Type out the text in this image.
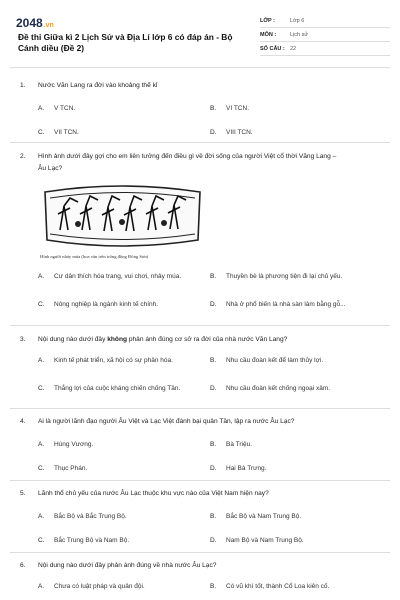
2048.vn
Đề thi Giữa kì 2 Lịch Sử và Địa Lí lớp 6 có đáp án - Bộ Cánh diều (Đề 2)
LỚP :	Lớp 6
MÔN :	Lịch sử
SỐ CÂU : 22
1.	Nước Văn Lang ra đời vào khoảng thế kỉ
A.	V TCN.	B.	VI TCN.
C.	VII TCN.	D.	VIII TCN.
2.	Hình ảnh dưới đây gợi cho em liên tưởng đến điều gì về đời sống của người Việt cổ thời Văng Lang – Âu Lạc?
Hình người nhảy múa (hoa văn trên trống đồng Đông Sơn)
A.	Cư dân thích hóa trang, vui chơi, nhảy múa.	B.	Thuyền bè là phương tiện đi lại chủ yếu.
C.	Nông nghiệp là ngành kinh tế chính.	D.	Nhà ở phổ biến là nhà sàn làm bằng gỗ...
3.	Nội dung nào dưới đây không phản ánh đúng cơ sở ra đời của nhà nước Văn Lang?
A.	Kinh tế phát triển, xã hội có sự phân hóa.	B.	Nhu cầu đoàn kết để làm thủy lợi.
C.	Thắng lợi của cuộc kháng chiến chống Tần.	D.	Nhu cầu đoàn kết chống ngoại xâm.
4.	Ai là người lãnh đạo người Âu Việt và Lạc Việt đánh bại quân Tần, lập ra nước Âu Lạc?
A.	Hùng Vương.	B.	Bà Triệu.
C.	Thục Phán.	D.	Hai Bà Trưng.
5.	Lãnh thổ chủ yếu của nước Âu Lạc thuộc khu vực nào của Việt Nam hiện nay?
A.	Bắc Bộ và Bắc Trung Bộ.	B.	Bắc Bộ và Nam Trung Bộ.
C.	Bắc Trung Bộ và Nam Bộ.	D.	Nam Bộ và Nam Trung Bộ.
6.	Nội dung nào dưới đây phản ánh đúng về nhà nước Âu Lạc?
A.	Chưa có luật pháp và quân đội.	B.	Có vũ khí tốt, thành Cổ Loa kiên cố.
